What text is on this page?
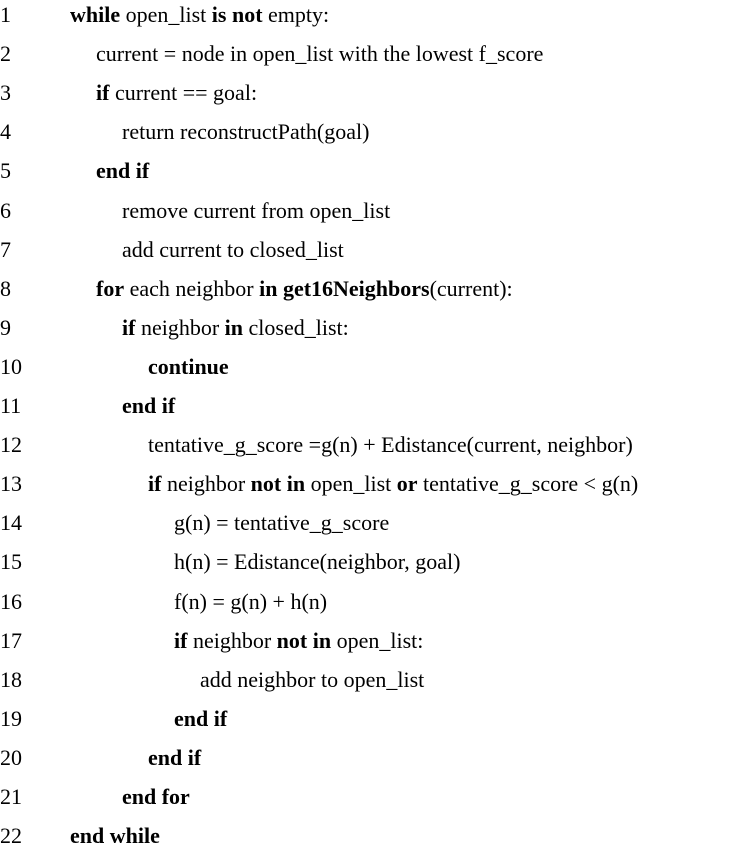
1	while open_list is not empty:
2	current = node in open_list with the lowest f_score
3	if current == goal:
4	return reconstructPath(goal)
5	end if
6	remove current from open_list
7	add current to closed_list
8	for each neighbor in get16Neighbors(current):
9	if neighbor in closed_list:
10	continue
11	end if
12	tentative_g_score =g(n) + Edistance(current, neighbor)
13	if neighbor not in open_list or tentative_g_score < g(n)
14	g(n) = tentative_g_score
15	h(n) = Edistance(neighbor, goal)
16	f(n) = g(n) + h(n)
17	if neighbor not in open_list:
18	add neighbor to open_list
19	end if
20	end if
21	end for
22 end while
